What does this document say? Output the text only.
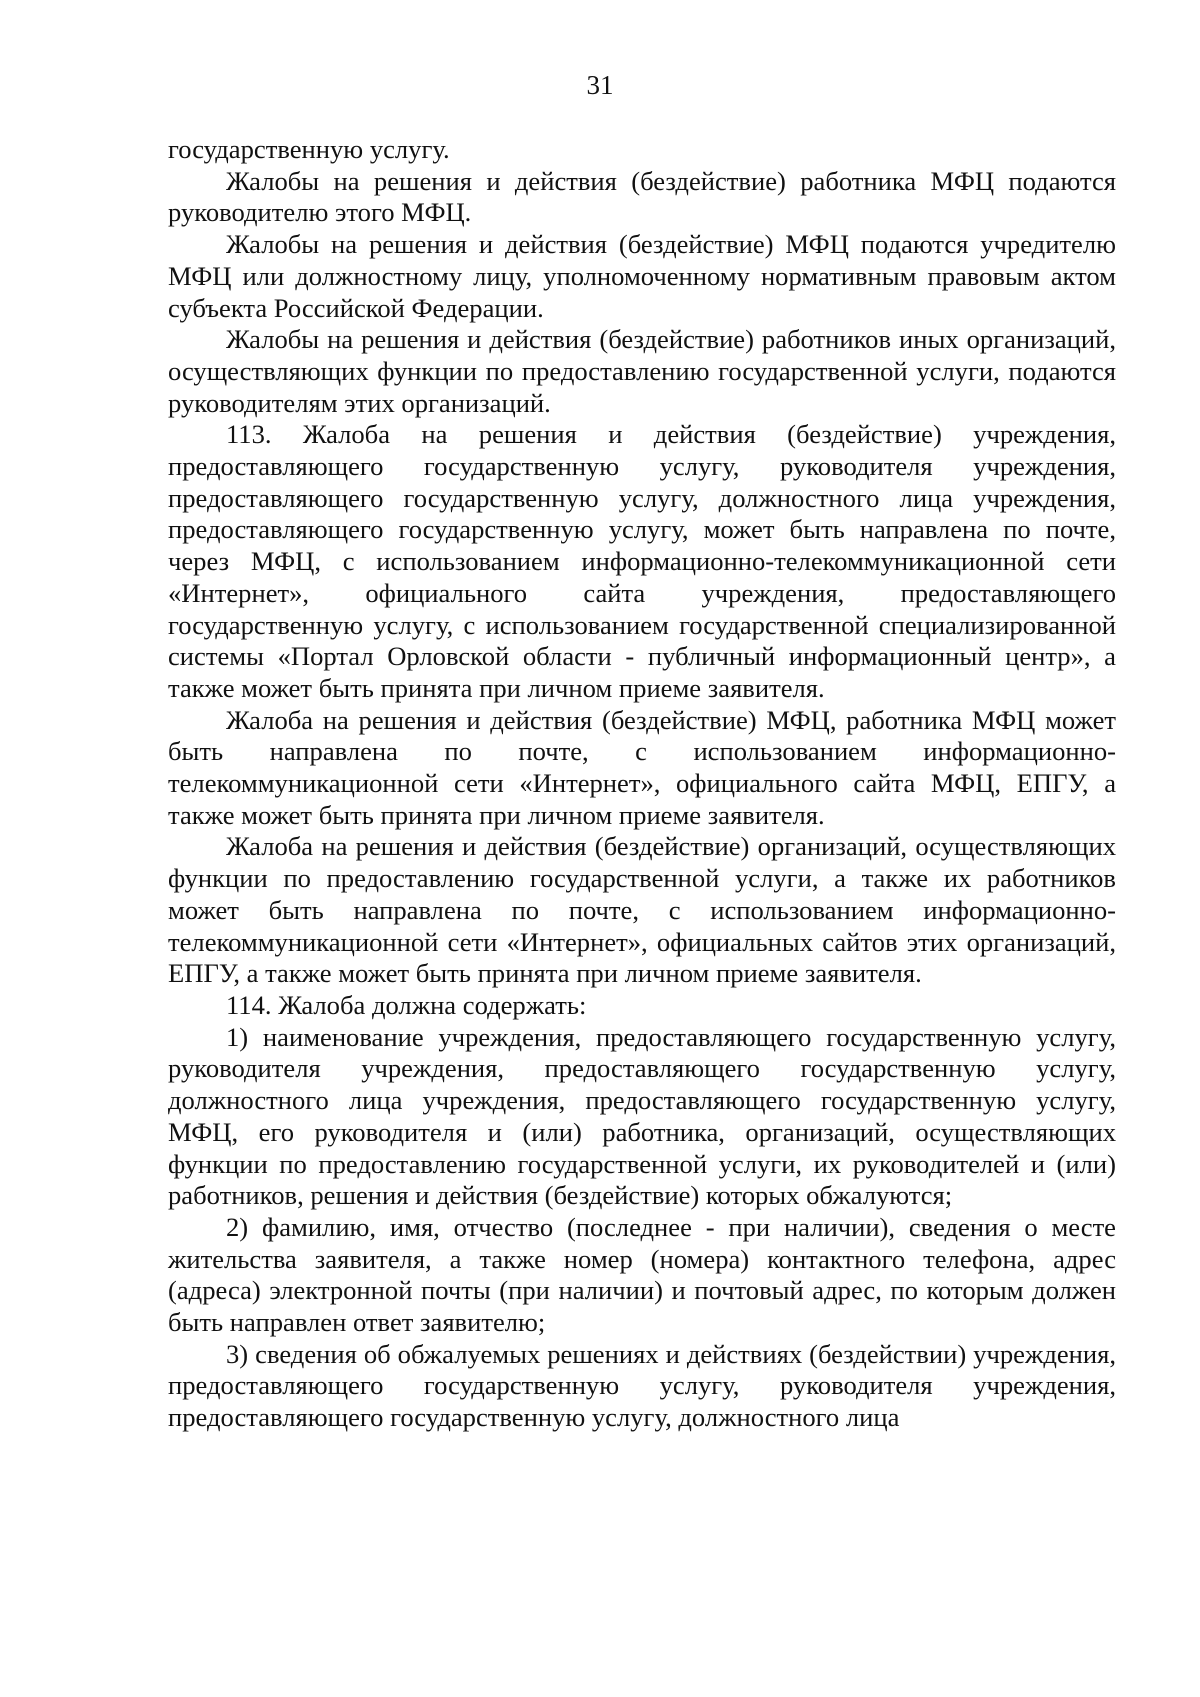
31

государственную услугу.

Жалобы на решения и действия (бездействие) работника МФЦ подаются руководителю этого МФЦ.

Жалобы на решения и действия (бездействие) МФЦ подаются учредителю МФЦ или должностному лицу, уполномоченному нормативным правовым актом субъекта Российской Федерации.

Жалобы на решения и действия (бездействие) работников иных организаций, осуществляющих функции по предоставлению государственной услуги, подаются руководителям этих организаций.

113. Жалоба на решения и действия (бездействие) учреждения, предоставляющего государственную услугу, руководителя учреждения, предоставляющего государственную услугу, должностного лица учреждения, предоставляющего государственную услугу, может быть направлена по почте, через МФЦ, с использованием информационно-телекоммуникационной сети «Интернет», официального сайта учреждения, предоставляющего государственную услугу, с использованием государственной специализированной системы «Портал Орловской области - публичный информационный центр», а также может быть принята при личном приеме заявителя.

Жалоба на решения и действия (бездействие) МФЦ, работника МФЦ может быть направлена по почте, с использованием информационно-телекоммуникационной сети «Интернет», официального сайта МФЦ, ЕПГУ, а также может быть принята при личном приеме заявителя.

Жалоба на решения и действия (бездействие) организаций, осуществляющих функции по предоставлению государственной услуги, а также их работников может быть направлена по почте, с использованием информационно-телекоммуникационной сети «Интернет», официальных сайтов этих организаций, ЕПГУ, а также может быть принята при личном приеме заявителя.

114. Жалоба должна содержать:

1) наименование учреждения, предоставляющего государственную услугу, руководителя учреждения, предоставляющего государственную услугу, должностного лица учреждения, предоставляющего государственную услугу, МФЦ, его руководителя и (или) работника, организаций, осуществляющих функции по предоставлению государственной услуги, их руководителей и (или) работников, решения и действия (бездействие) которых обжалуются;

2) фамилию, имя, отчество (последнее - при наличии), сведения о месте жительства заявителя, а также номер (номера) контактного телефона, адрес (адреса) электронной почты (при наличии) и почтовый адрес, по которым должен быть направлен ответ заявителю;

3) сведения об обжалуемых решениях и действиях (бездействии) учреждения, предоставляющего государственную услугу, руководителя учреждения, предоставляющего государственную услугу, должностного лица
